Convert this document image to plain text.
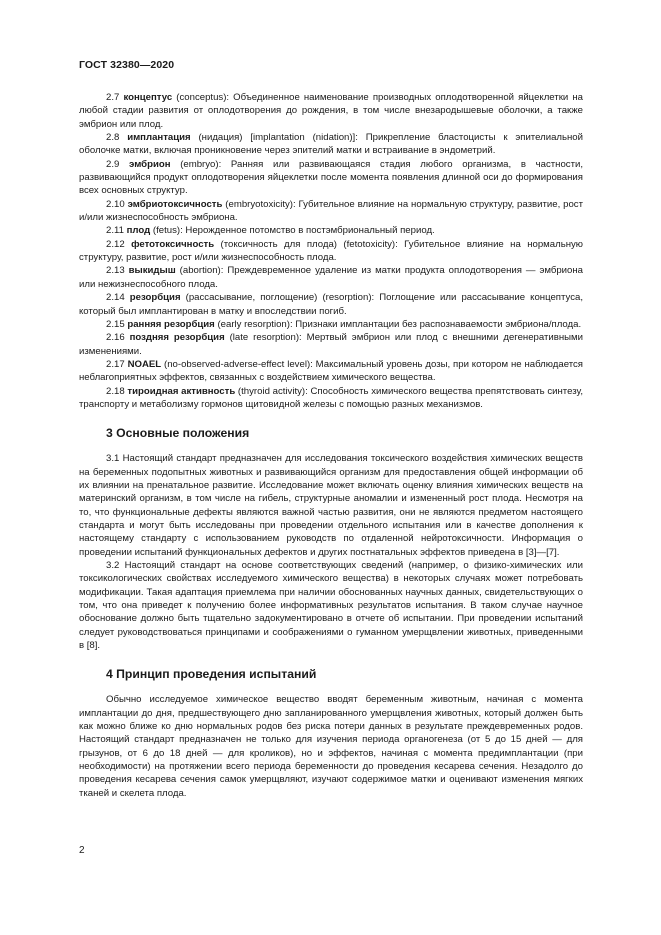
ГОСТ 32380—2020

2.7 концептус (conceptus): Объединенное наименование производных оплодотворенной яйцеклетки на любой стадии развития от оплодотворения до рождения, в том числе внезародышевые оболочки, а также эмбрион или плод.

2.8 имплантация (нидация) [implantation (nidation)]: Прикрепление бластоцисты к эпителиальной оболочке матки, включая проникновение через эпителий матки и встраивание в эндометрий.

2.9 эмбрион (embryo): Ранняя или развивающаяся стадия любого организма, в частности, развивающийся продукт оплодотворения яйцеклетки после момента появления длинной оси до формирования всех основных структур.

2.10 эмбриотоксичность (embryotoxicity): Губительное влияние на нормальную структуру, развитие, рост и/или жизнеспособность эмбриона.

2.11 плод (fetus): Нерожденное потомство в постэмбриональный период.

2.12 фетотоксичность (токсичность для плода) (fetotoxicity): Губительное влияние на нормальную структуру, развитие, рост и/или жизнеспособность плода.

2.13 выкидыш (abortion): Преждевременное удаление из матки продукта оплодотворения — эмбриона или нежизнеспособного плода.

2.14 резорбция (рассасывание, поглощение) (resorption): Поглощение или рассасывание концептуса, который был имплантирован в матку и впоследствии погиб.

2.15 ранняя резорбция (early resorption): Признаки имплантации без распознаваемости эмбриона/плода.

2.16 поздняя резорбция (late resorption): Мертвый эмбрион или плод с внешними дегенеративными изменениями.

2.17 NOAEL (no-observed-adverse-effect level): Максимальный уровень дозы, при котором не наблюдается неблагоприятных эффектов, связанных с воздействием химического вещества.

2.18 тироидная активность (thyroid activity): Способность химического вещества препятствовать синтезу, транспорту и метаболизму гормонов щитовидной железы с помощью разных механизмов.

3 Основные положения

3.1 Настоящий стандарт предназначен для исследования токсического воздействия химических веществ на беременных подопытных животных и развивающийся организм для предоставления общей информации об их влиянии на пренатальное развитие. Исследование может включать оценку влияния химических веществ на материнский организм, в том числе на гибель, структурные аномалии и измененный рост плода. Несмотря на то, что функциональные дефекты являются важной частью развития, они не являются предметом настоящего стандарта и могут быть исследованы при проведении отдельного испытания или в качестве дополнения к настоящему стандарту с использованием руководств по отдаленной нейротоксичности. Информация о проведении испытаний функциональных дефектов и других постнатальных эффектов приведена в [3]—[7].

3.2 Настоящий стандарт на основе соответствующих сведений (например, о физико-химических или токсикологических свойствах исследуемого химического вещества) в некоторых случаях может потребовать модификации. Такая адаптация приемлема при наличии обоснованных научных данных, свидетельствующих о том, что она приведет к получению более информативных результатов испытания. В таком случае научное обоснование должно быть тщательно задокументировано в отчете об испытании. При проведении испытаний следует руководствоваться принципами и соображениями о гуманном умерщвлении животных, приведенными в [8].

4 Принцип проведения испытаний

Обычно исследуемое химическое вещество вводят беременным животным, начиная с момента имплантации до дня, предшествующего дню запланированного умерщвления животных, который должен быть как можно ближе ко дню нормальных родов без риска потери данных в результате преждевременных родов. Настоящий стандарт предназначен не только для изучения периода органогенеза (от 5 до 15 дней — для грызунов, от 6 до 18 дней — для кроликов), но и эффектов, начиная с момента предимплантации (при необходимости) на протяжении всего периода беременности до проведения кесарева сечения. Незадолго до проведения кесарева сечения самок умерщвляют, изучают содержимое матки и оценивают изменения мягких тканей и скелета плода.

2
